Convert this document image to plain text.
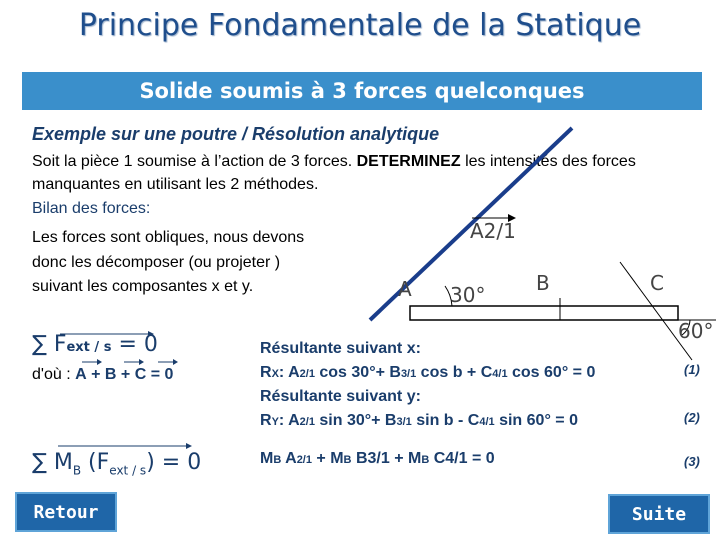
Principe Fondamentale de la Statique
Solide soumis à 3 forces quelconques
Exemple sur une poutre / Résolution analytique
Soit la pièce 1 soumise à l’action de 3 forces. DETERMINEZ les intensités des forces manquantes en utilisant les 2 méthodes.
Bilan des forces:
Les forces sont obliques, nous devons donc les décomposer (ou projeter ) suivant les composantes x et y.
A2/1
A 30°	B	C
60°
∑ Fext / s = 0
d'où : A + B + C = 0
∑ $M_B$ $(F_{ext / s}) = 0$
Résultante suivant x:
RX: A2/1 cos 30°+ B3/1 cos b + C4/1 cos 60° = 0
Résultante suivant y:
RY: A2/1 sin 30°+ B3/1 sin b - C4/1 sin 60° = 0
MB A2/1 + MB B3/1 + MB C4/1 = 0
(1)
(2)
(3)
Retour	Suite
